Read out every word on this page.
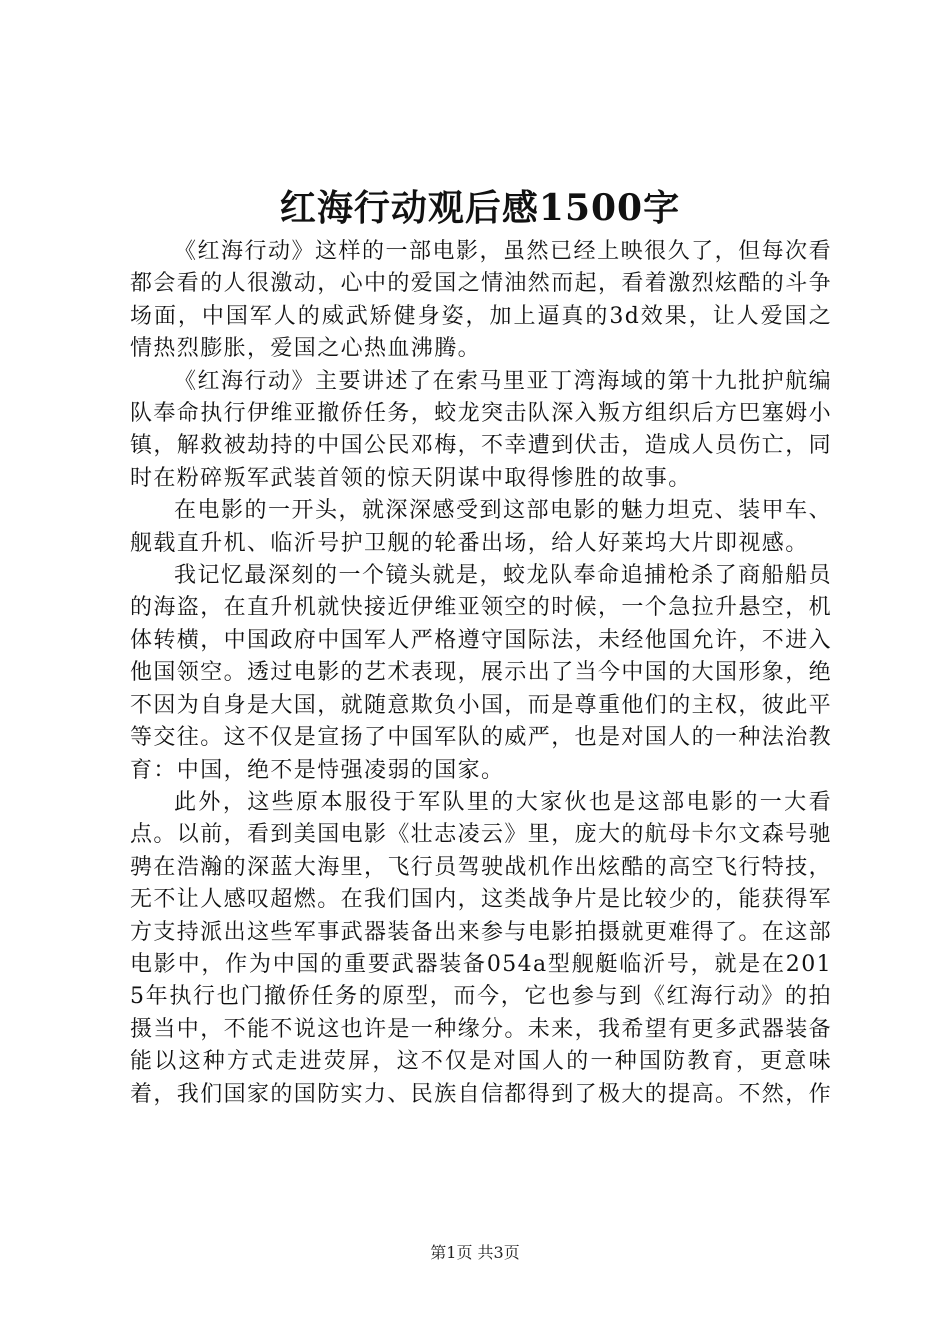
红海行动观后感1500字

《红海行动》这样的一部电影，虽然已经上映很久了，但每次看都会看的人很激动，心中的爱国之情油然而起，看着激烈炫酷的斗争场面，中国军人的威武矫健身姿，加上逼真的3d效果，让人爱国之情热烈膨胀，爱国之心热血沸腾。

《红海行动》主要讲述了在索马里亚丁湾海域的第十九批护航编队奉命执行伊维亚撤侨任务，蛟龙突击队深入叛方组织后方巴塞姆小镇，解救被劫持的中国公民邓梅，不幸遭到伏击，造成人员伤亡，同时在粉碎叛军武装首领的惊天阴谋中取得惨胜的故事。

在电影的一开头，就深深感受到这部电影的魅力坦克、装甲车、舰载直升机、临沂号护卫舰的轮番出场，给人好莱坞大片即视感。

我记忆最深刻的一个镜头就是，蛟龙队奉命追捕枪杀了商船船员的海盗，在直升机就快接近伊维亚领空的时候，一个急拉升悬空，机体转横，中国政府中国军人严格遵守国际法，未经他国允许，不进入他国领空。透过电影的艺术表现，展示出了当今中国的大国形象，绝不因为自身是大国，就随意欺负小国，而是尊重他们的主权，彼此平等交往。这不仅是宣扬了中国军队的威严，也是对国人的一种法治教育：中国，绝不是恃强凌弱的国家。

此外，这些原本服役于军队里的大家伙也是这部电影的一大看点。以前，看到美国电影《壮志凌云》里，庞大的航母卡尔文森号驰骋在浩瀚的深蓝大海里，飞行员驾驶战机作出炫酷的高空飞行特技，无不让人感叹超燃。在我们国内，这类战争片是比较少的，能获得军方支持派出这些军事武器装备出来参与电影拍摄就更难得了。在这部电影中，作为中国的重要武器装备054a型舰艇临沂号，就是在2015年执行也门撤侨任务的原型，而今，它也参与到《红海行动》的拍摄当中，不能不说这也许是一种缘分。未来，我希望有更多武器装备能以这种方式走进荧屏，这不仅是对国人的一种国防教育，更意味着，我们国家的国防实力、民族自信都得到了极大的提高。不然，作

第1页 共3页
